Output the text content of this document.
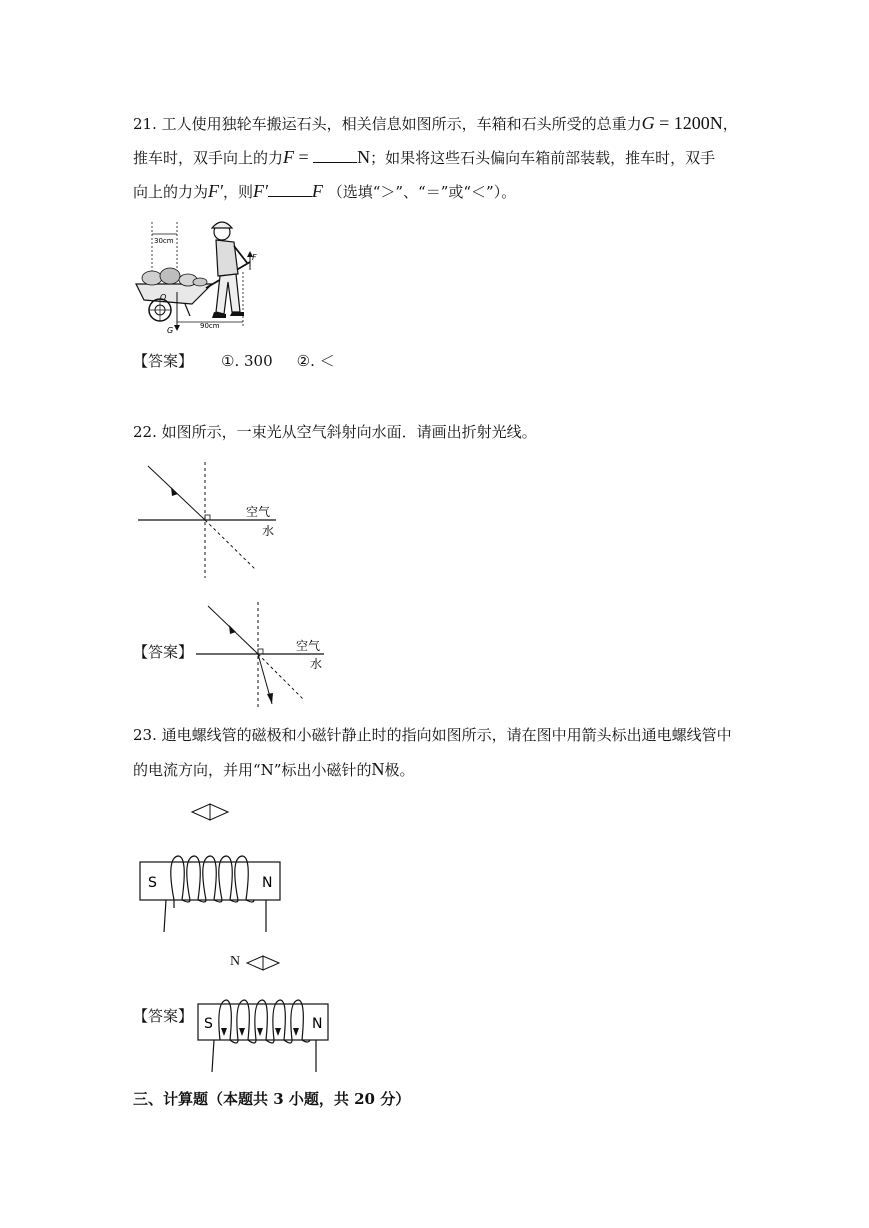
21. 工人使用独轮车搬运石头，相关信息如图所示，车箱和石头所受的总重力G = 1200N，
推车时，双手向上的力F = N；如果将这些石头偏向车箱前部装载，推车时，双手
向上的力为F′，则F′ F （选填“＞”、“＝”或“＜”）。
30cm
O
G	90cm
F
【答案】 ①. 300 ②. ＜
22. 如图所示，一束光从空气斜射向水面．请画出折射光线。
空气
水
【答案】	空气
水
23. 通电螺线管的磁极和小磁针静止时的指向如图所示，请在图中用箭头标出通电螺线管中
的电流方向，并用“N”标出小磁针的N极。
S	N
N
【答案】 S	N
三、计算题（本题共 3 小题，共 20 分）
